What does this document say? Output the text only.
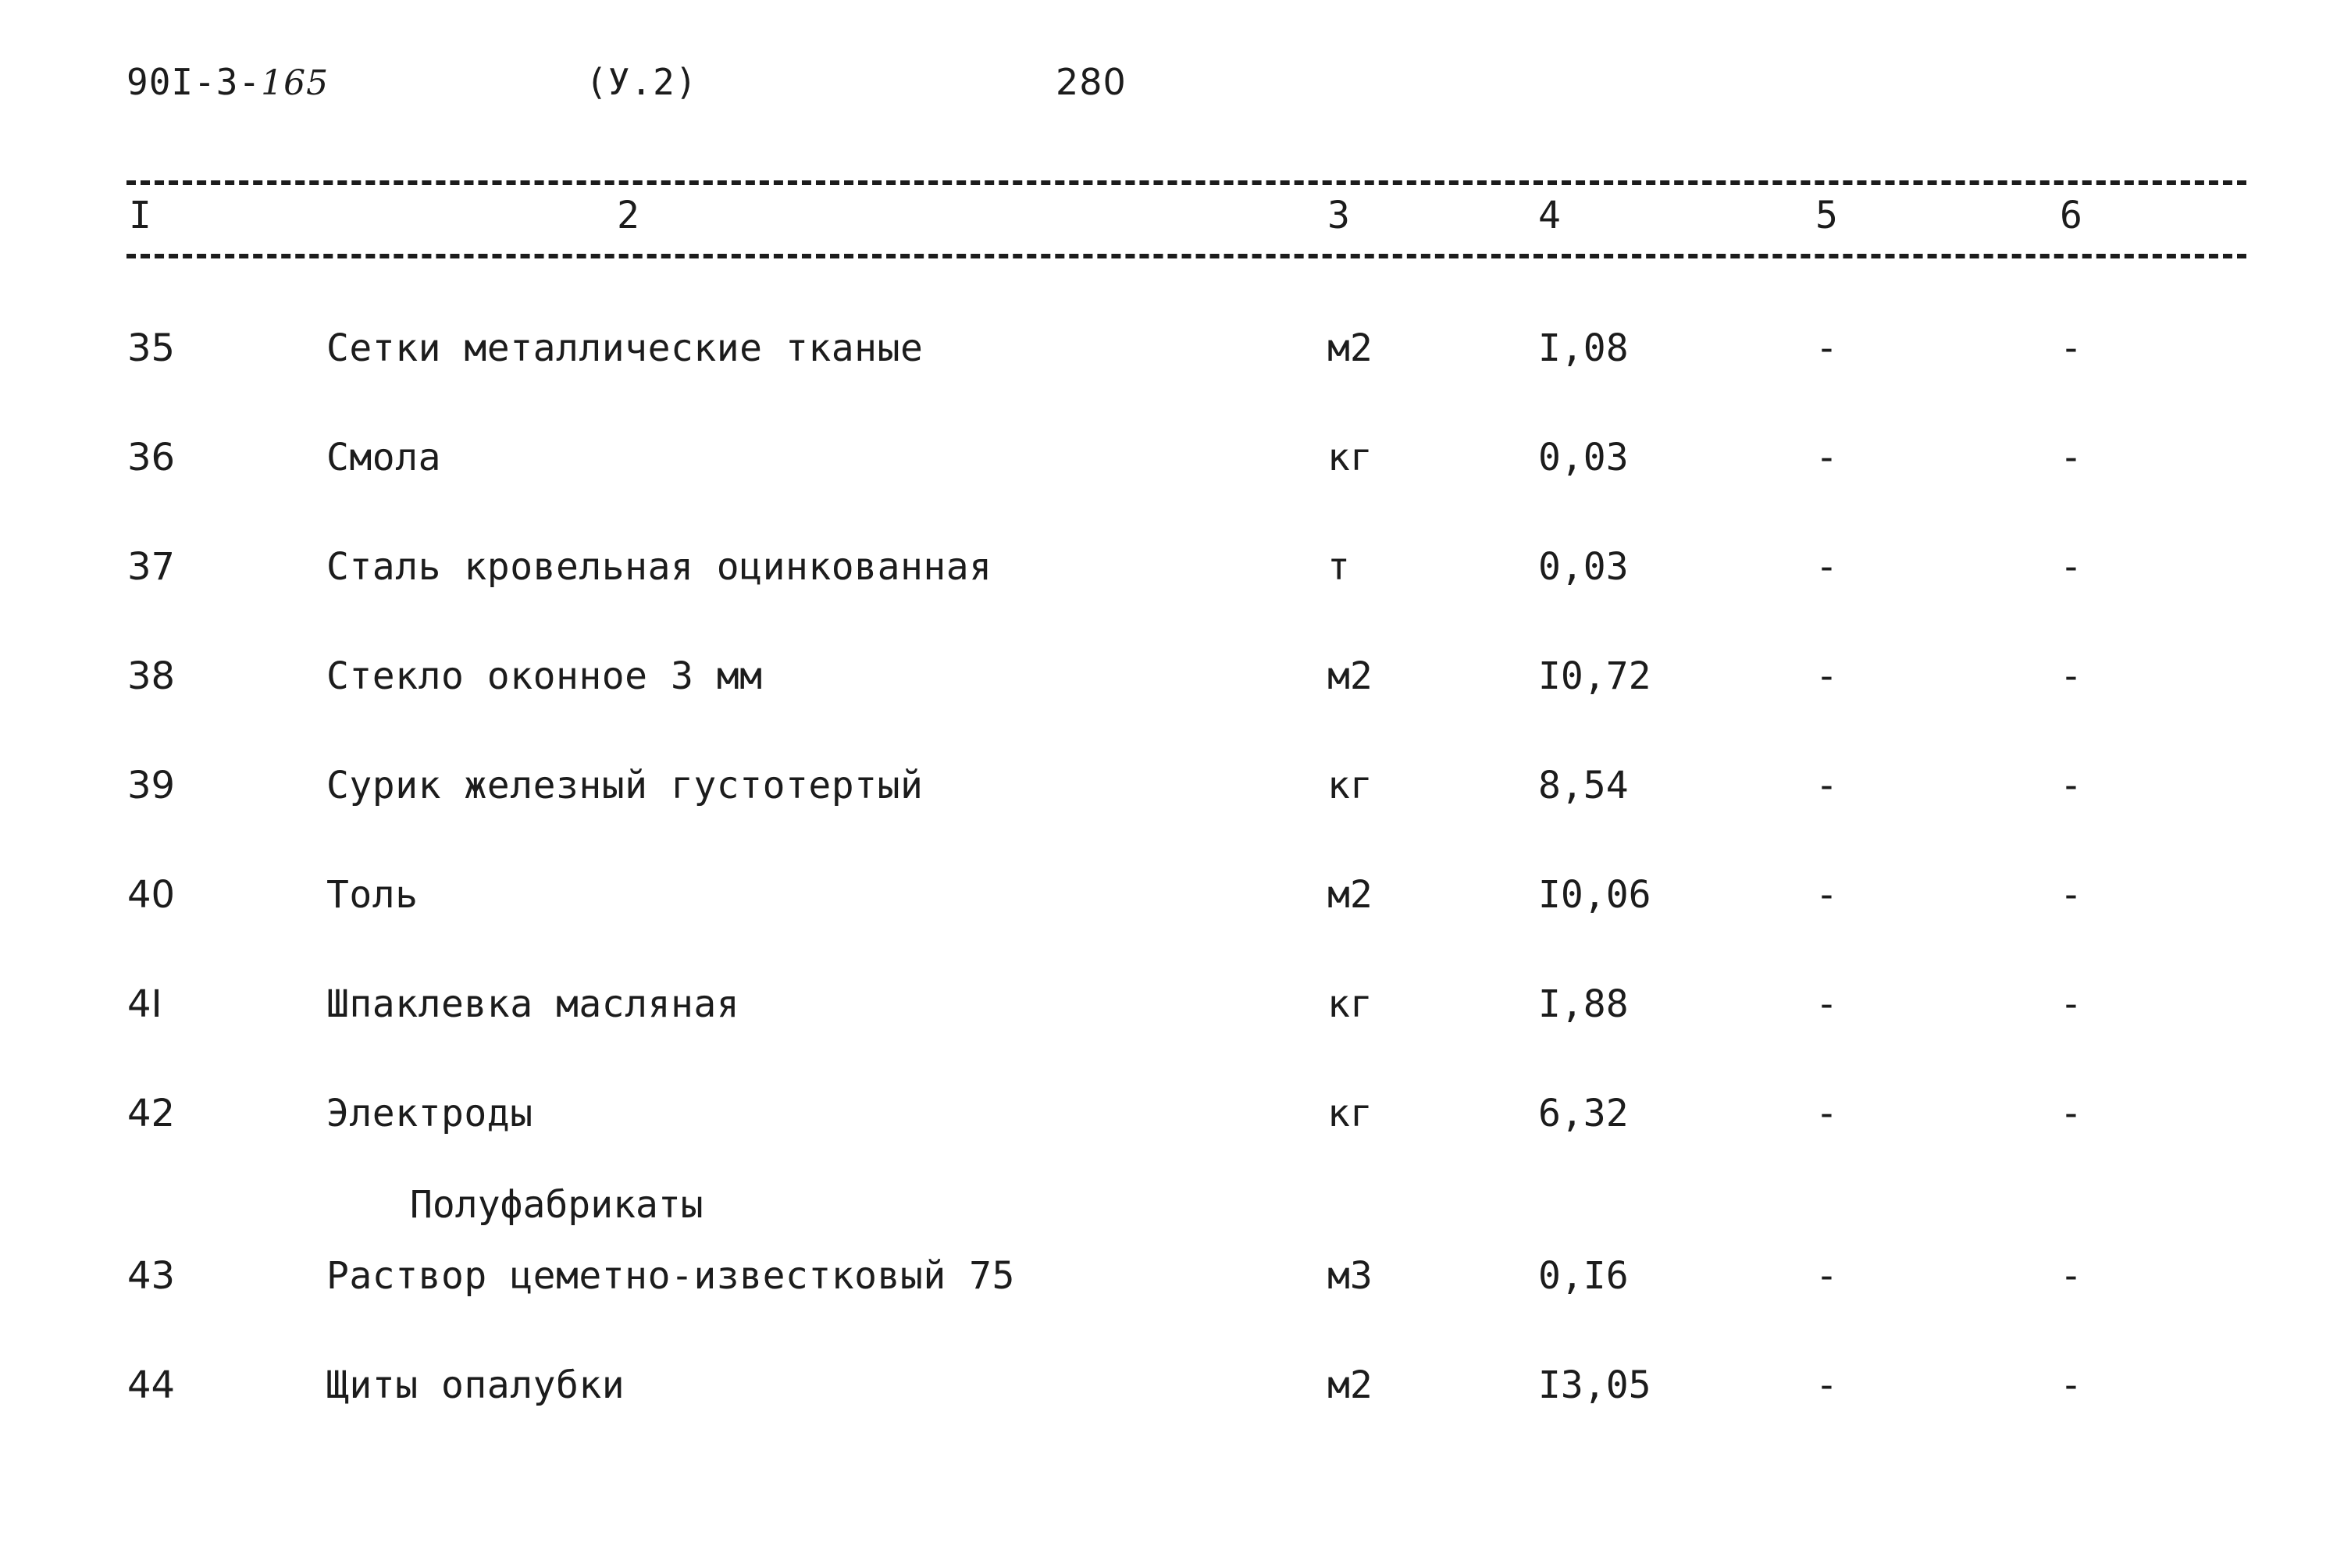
90I-3-165	(У.2)	280
I	2	3	4	5	6
35	Сетки металлические тканые	м2	I,08	-	-
36	Смола	кг	0,03	-	-
37	Сталь кровельная оцинкованная	т	0,03	-	-
38	Стекло оконное 3 мм	м2	I0,72	-	-
39	Сурик железный густотертый	кг	8,54	-	-
40	Толь	м2	I0,06	-	-
4I	Шпаклевка масляная	кг	I,88	-	-
42	Электроды	кг	6,32	-	-
Полуфабрикаты
43	Раствор цеметно-известковый 75	м3	0,I6	-	-
44	Щиты опалубки	м2	I3,05	-	-
